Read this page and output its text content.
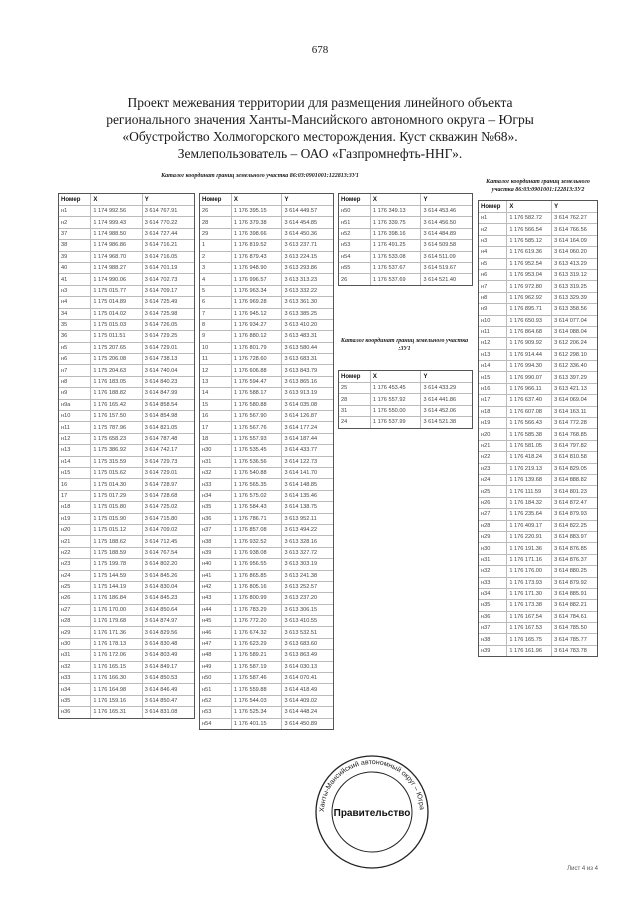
678
Проект межевания территории для размещения линейного объекта
регионального значения Ханты-Мансийского автономного округа – Югры
«Обустройство Холмогорского месторождения. Куст скважин №68».
Землепользователь – ОАО «Газпромнефть-ННГ».
Каталог координат границ земельного участка 86:03:0901001:122813:ЗУ1
Номер	X	Y
н1	1 174 992.56	3 614 767.91
н2	1 174 999.43	3 614 770.22
37	1 174 988.50	3 614 727.44
38	1 174 986.86	3 614 716.21
39	1 174 968.70	3 614 716.05
40	1 174 988.27	3 614 701.19
41	1 174 990.06	3 614 702.73
н3	1 175 015.77	3 614 709.17
н4	1 175 014.89	3 614 725.49
34	1 175 014.02	3 614 725.98
35	1 175 015.03	3 614 726.05
36	1 175 011.51	3 614 729.25
н5	1 175 207.65	3 614 729.01
н6	1 175 206.08	3 614 738.13
н7	1 175 204.63	3 614 740.04
н8	1 176 183.05	3 614 840.23
н9	1 176 188.82	3 614 847.99
н9а	1 176 165.42	3 614 858.54
н10	1 176 157.50	3 614 854.98
н11	1 175 787.96	3 614 821.05
н12	1 175 658.23	3 614 787.48
н13	1 175 386.92	3 614 742.17
н14	1 175 315.59	3 614 729.73
н15	1 175 015.62	3 614 729.01
16	1 175 014.30	3 614 728.97
17	1 175 017.29	3 614 728.68
н18	1 175 015.80	3 614 725.02
н19	1 175 015.90	3 614 715.80
н20	1 175 015.12	3 614 709.02
н21	1 175 188.62	3 614 712.45
н22	1 175 188.59	3 614 767.54
н23	1 175 199.78	3 614 802.20
н24	1 175 144.59	3 614 845.26
н25	1 175 144.19	3 614 830.04
н26	1 176 186.84	3 614 845.23
н27	1 176 170.00	3 614 850.64
н28	1 176 179.68	3 614 874.97
н29	1 176 171.36	3 614 829.56
н30	1 176 178.13	3 614 830.48
н31	1 176 172.06	3 614 803.49
н32	1 176 165.15	3 614 849.17
н33	1 176 166.30	3 614 850.53
н34	1 176 164.98	3 614 846.49
н35	1 176 159.16	3 614 850.47
н36	1 176 165.31	3 614 831.08
Номер	X	Y
26	1 176 395.15	3 614 449.57
28	1 176 379.38	3 614 454.85
29	1 176 398.66	3 614 450.36
1	1 176 819.52	3 613 237.71
2	1 176 879.43	3 613 224.15
3	1 176 948.90	3 613 293.86
4	1 176 996.57	3 613 313.23
5	1 176 963.34	3 613 332.22
6	1 176 969.28	3 613 361.30
7	1 176 945.12	3 613 385.25
8	1 176 934.27	3 613 410.20
9	1 176 880.12	3 613 483.31
10	1 176 801.79	3 613 580.44
11	1 176 728.60	3 613 683.31
12	1 176 606.88	3 613 843.79
13	1 176 594.47	3 613 865.16
14	1 176 588.17	3 613 913.19
15	1 176 580.88	3 614 035.08
16	1 176 567.90	3 614 126.87
17	1 176 567.76	3 614 177.24
18	1 176 557.93	3 614 187.44
н30	1 176 535.45	3 614 433.77
н31	1 176 536.56	3 614 122.73
н32	1 176 540.88	3 614 141.70
н33	1 176 565.35	3 614 148.85
н34	1 176 575.02	3 614 135.46
н35	1 176 584.43	3 614 138.75
н36	1 176 786.71	3 613 952.11
н37	1 176 857.08	3 613 494.22
н38	1 176 932.52	3 613 328.16
н39	1 176 938.08	3 613 327.72
н40	1 176 956.55	3 613 303.19
н41	1 176 865.85	3 613 241.38
н42	1 176 805.16	3 613 252.57
н43	1 176 800.99	3 613 237.20
н44	1 176 783.29	3 613 306.15
н45	1 176 772.20	3 613 410.55
н46	1 176 674.32	3 613 532.51
н47	1 176 623.29	3 613 683.60
н48	1 176 589.21	3 613 863.49
н49	1 176 587.19	3 614 030.13
н50	1 176 587.46	3 614 070.41
н51	1 176 559.88	3 614 418.49
н52	1 176 544.03	3 614 409.02
н53	1 176 525.34	3 614 448.24
н54	1 176 401.15	3 614 450.89
Номер	X	Y
н50	1 176 349.13	3 614 453.46
н51	1 176 339.75	3 614 456.50
н52	1 176 398.16	3 614 484.89
н53	1 176 491.25	3 614 509.58
н54	1 176 533.08	3 614 511.09
н55	1 176 537.67	3 614 519.67
26	1 176 537.69	3 614 521.40
Каталог координат границ земельного участка :ЗУ1
Номер	X	Y
25	1 176 453.45	3 614 433.29
28	1 176 557.92	3 614 441.86
31	1 176 550.00	3 614 452.06
24	1 176 537.99	3 614 521.38
Каталог координат границ земельного участка 86:03:0901001:122813:ЗУ2
Номер	X	Y
н1	1 176 582.72	3 614 762.27
н2	1 176 566.54	3 614 766.56
н3	1 176 585.12	3 614 164.09
н4	1 176 619.36	3 614 060.20
н5	1 176 952.54	3 613 413.29
н6	1 176 953.04	3 613 319.12
н7	1 176 972.80	3 613 319.25
н8	1 176 962.92	3 613 329.39
н9	1 176 895.71	3 613 358.56
н10	1 176 650.93	3 614 077.04
н11	1 176 864.68	3 614 088.04
н12	1 176 909.92	3 612 206.24
н13	1 176 914.44	3 612 298.10
н14	1 176 994.30	3 612 336.40
н15	1 176 990.07	3 613 397.29
н16	1 176 966.11	3 613 421.13
н17	1 176 637.40	3 614 069.04
н18	1 176 607.08	3 614 163.11
н19	1 176 566.43	3 614 772.28
н20	1 176 585.38	3 614 768.85
н21	1 176 581.05	3 614 797.82
н22	1 176 418.24	3 614 810.58
н23	1 176 219.13	3 614 829.05
н24	1 176 139.68	3 614 888.82
н25	1 176 111.59	3 614 801.23
н26	1 176 184.32	3 614 872.47
н27	1 176 235.64	3 614 879.93
н28	1 176 409.17	3 614 822.25
н29	1 176 220.91	3 614 883.97
н30	1 176 191.36	3 614 876.85
н31	1 176 171.16	3 614 876.37
н32	1 176 176.00	3 614 880.25
н33	1 176 173.93	3 614 879.92
н34	1 176 171.30	3 614 885.91
н35	1 176 173.38	3 614 882.21
н36	1 176 167.54	3 614 784.61
н37	1 176 167.53	3 614 785.50
н38	1 176 165.75	3 614 785.77
н39	1 176 161.96	3 614 783.78
Ханты-Мансийский автономный округ – Югра
Правительство
Лист 4 из 4
